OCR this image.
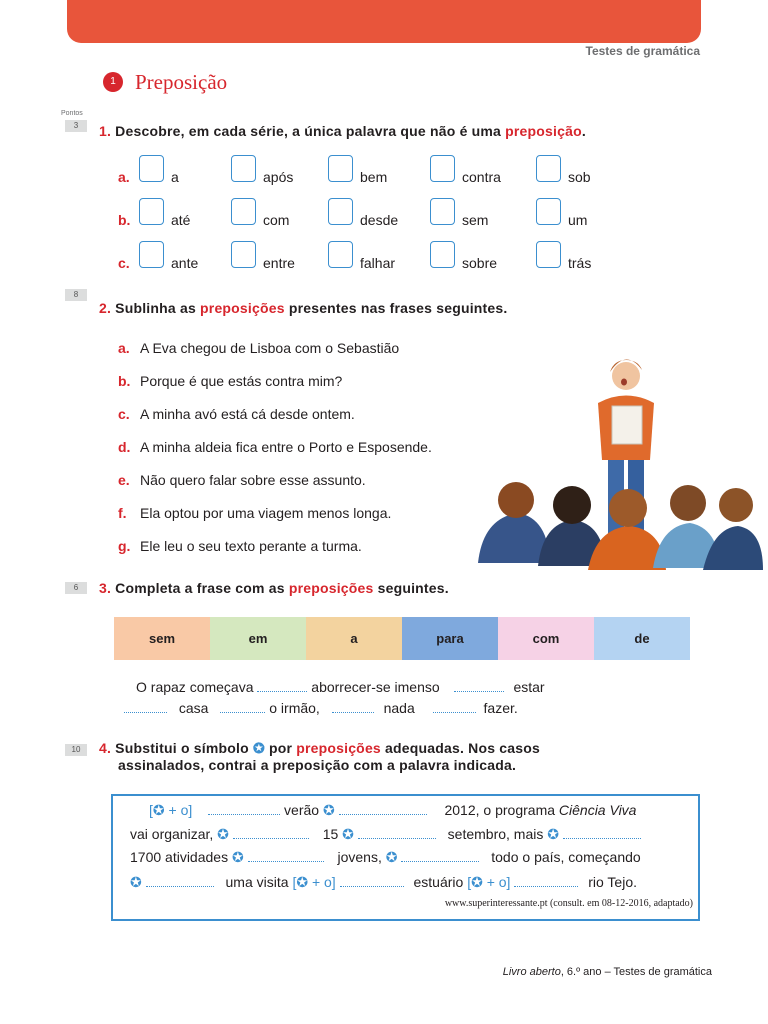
Testes de gramática
1 Preposição
Pontos
3	1. Descobre, em cada série, a única palavra que não é uma preposição.
a.	a	após	bem	contra	sob
b.	até	com	desde	sem	um
c.	ante	entre	falhar	sobre	trás
8
2. Sublinha as preposições presentes nas frases seguintes.
a. A Eva chegou de Lisboa com o Sebastião
b. Porque é que estás contra mim?
c. A minha avó está cá desde ontem.
d. A minha aldeia fica entre o Porto e Esposende.
e. Não quero falar sobre esse assunto.
f. Ela optou por uma viagem menos longa.
g. Ele leu o seu texto perante a turma.
6	3. Completa a frase com as preposições seguintes.
sem	em	a	para	com	de
O rapaz começava	aborrecer-se imenso	estar
casa	o irmão,	nada	fazer.
10	4. Substitui o símbolo ✪ por preposições adequadas. Nos casos
assinalados, contrai a preposição com a palavra indicada.
[✪ + o]	verão ✪	2012, o programa Ciência Viva
vai organizar, ✪	15 ✪	setembro, mais ✪
1700 atividades ✪	jovens, ✪	todo o país, começando
✪	uma visita [✪ + o]	estuário [✪ + o]	rio Tejo.
www.superinteressante.pt (consult. em 08-12-2016, adaptado)
Livro aberto, 6.º ano – Testes de gramática
